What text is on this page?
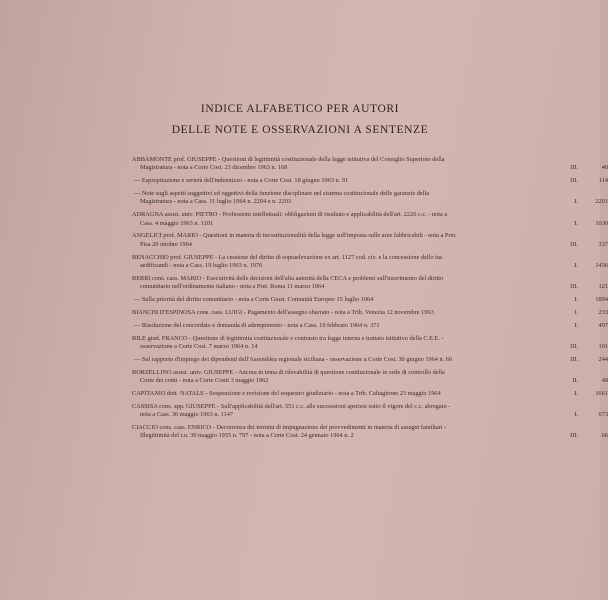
INDICE ALFABETICO PER AUTORI
DELLE NOTE E OSSERVAZIONI A SENTENZE
ABBAMONTE prof. GIUSEPPE - Questioni di legittimità costituzionale della legge istitutiva del Consiglio Superiore della Magistratura - nota a Corte Cost. 23 dicembre 1963 n. 168	III.	40
— Espropriazione e serietà dell'indennizzo - nota a Corte Cost. 18 giugno 1963 n. 91	III.	114
— Note sugli aspetti soggettivi ed oggettivi della funzione disciplinare nel sistema costituzionale delle garanzie della Magistratura - nota a Cass. 11 luglio 1964 n. 2204 e n. 2203	I.	2201
ADRAGNA assist. univ. PIETRO - Professioni intellettuali: obbligazioni di risultato e applicabilità dell'art. 2226 c.c. - nota a Cass. 4 maggio 1963 n. 1101	I.	1030
ANGELICI prof. MARIO - Questioni in materia di incostituzionalità della legge sull'imposta sulle aree fabbricabili - nota a Pret. Pisa 20 ottobre 1964	III.	337
BENACCHIO prof. GIUSEPPE - La cessione del diritto di sopraelevazione ex art. 1127 cod. civ. e la concessione dello ius aedificandi - nota a Cass. 19 luglio 1963 n. 1976	I.	1456
BERRI cons. cass. MARIO - Esecutività delle decisioni dell'alta autorità della CECA e problemi sull'inserimento del diritto comunitario nell'ordinamento italiano - nota a Pret. Roma 11 marzo 1964	III.	121
— Sulla priorità del diritto comunitario - nota a Corte Giust. Comunità Europee 15 luglio 1964	I.	1894
BIANCHI D'ESPINOSA cons. cass. LUIGI - Pagamento dell'assegno sbarrato - nota a Trib. Venezia 12 novembre 1963	I.	233
— Risoluzione del concordato e domanda di adempimento - nota a Cass. 19 febbraio 1964 n. 371	I.	497
BILE giud. FRANCO - Questione di legittimità costituzionale e contrasto tra legge interna e trattato istitutivo della C.E.E. - osservazione a Corte Cost. 7 marzo 1964 n. 14	III.	101
— Sul rapporto d'impiego dei dipendenti dell'Assemblea regionale siciliana - osservazione a Corte Cost. 30 giugno 1964 n. 66	III.	244
BORZELLINO assist. univ. GIUSEPPE - Ancora in tema di rilevabilità di questione costituzionale in sede di controllo della Corte dei conti - nota a Corte Conti 3 maggio 1962	II.	48
CAPITANIO dott. NATALE - Sospensione e revisione del sequestro giudiziario - nota a Trib. Caltagirone 23 maggio 1964	I.	1661
CASSISA cons. app. GIUSEPPE - Sull'applicabilità dell'art. 551 c.c. alle successioni apertesi sotto il vigore del c.c. abrogato - nota a Cass. 30 maggio 1963 n. 1147	I.	673
CIACCIO cons. cass. ENRICO - Decorrenza dei termini di impugnazione dei provvedimenti in materia di assegni familiari - Illegittimità del t.u. 30 maggio 1955 n. 797 - nota a Corte Cost. 24 gennaio 1964 n. 2	III.	66
